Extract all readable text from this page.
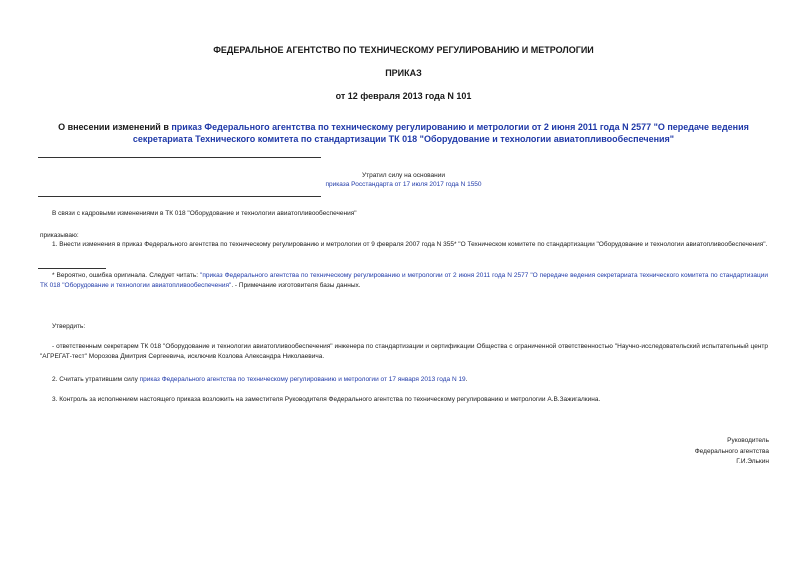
ФЕДЕРАЛЬНОЕ АГЕНТСТВО ПО ТЕХНИЧЕСКОМУ РЕГУЛИРОВАНИЮ И МЕТРОЛОГИИ
ПРИКАЗ
от 12 февраля 2013 года N 101
О внесении изменений в приказ Федерального агентства по техническому регулированию и метрологии от 2 июня 2011 года N 2577 "О передаче ведения
секретариата Технического комитета по стандартизации ТК 018 "Оборудование и технологии авиатопливообеспечения"
Утратил силу на основании
приказа Росстандарта от 17 июля 2017 года N 1550
В связи с кадровыми изменениями в ТК 018 "Оборудование и технологии авиатопливообеспечения"
приказываю:
1. Внести изменения в приказ Федерального агентства по техническому регулированию и метрологии от 9 февраля 2007 года N 355* "О Техническом комитете по стандартизации "Оборудование и технологии авиатопливообеспечения".
* Вероятно, ошибка оригинала. Следует читать: "приказ Федерального агентства по техническому регулированию и метрологии от 2 июня 2011 года N 2577 "О передаче ведения секретариата технического комитета по стандартизации ТК 018 "Оборудование и технологии авиатопливообеспечения". - Примечание изготовителя базы данных.
Утвердить:
- ответственным секретарем ТК 018 "Оборудование и технологии авиатопливообеспечения" инженера по стандартизации и сертификации Общества с ограниченной ответственностью "Научно-исследовательский испытательный центр "АГРЕГАТ-тест" Морозова Дмитрия Сергеевича, исключив Козлова Александра Николаевича.
2. Считать утратившим силу приказ Федерального агентства по техническому регулированию и метрологии от 17 января 2013 года N 19.
3. Контроль за исполнением настоящего приказа возложить на заместителя Руководителя Федерального агентства по техническому регулированию и метрологии А.В.Зажигалкина.
Руководитель
Федерального агентства
Г.И.Элькин
